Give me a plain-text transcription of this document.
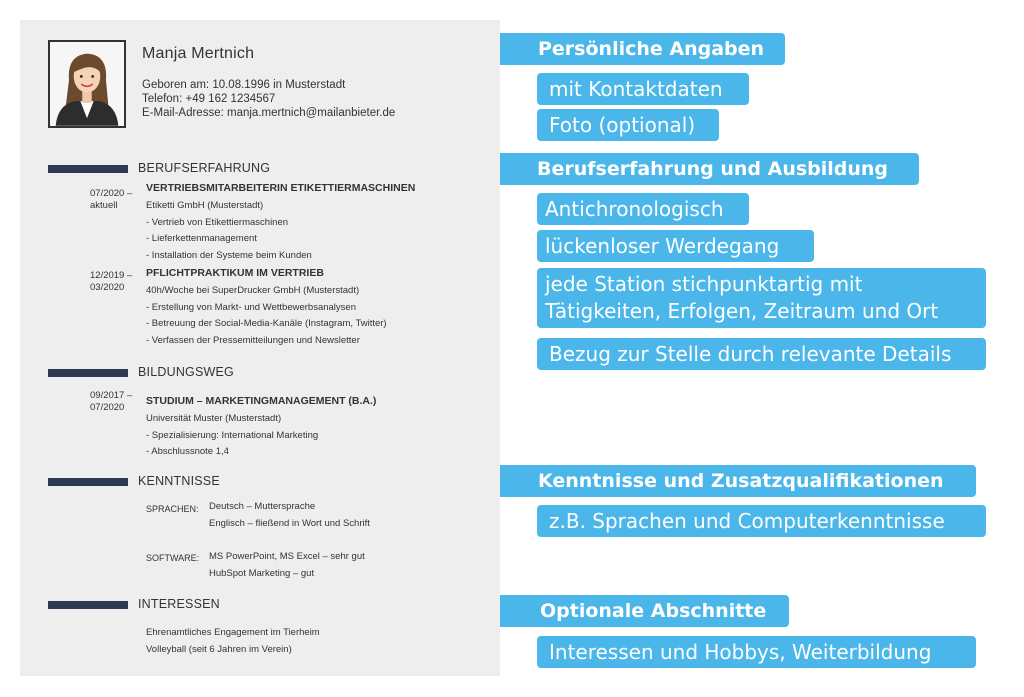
Manja Mertnich
Geboren am: 10.08.1996 in Musterstadt
Telefon: +49 162 1234567
E-Mail-Adresse: manja.mertnich@mailanbieter.de
BERUFSERFAHRUNG
07/2020 –
aktuell
VERTRIEBSMITARBEITERIN ETIKETTIERMASCHINEN
Etiketti GmbH (Musterstadt)
- Vertrieb von Etikettiermaschinen
- Lieferkettenmanagement
- Installation der Systeme beim Kunden
12/2019 –
03/2020
PFLICHTPRAKTIKUM IM VERTRIEB
40h/Woche bei SuperDrucker GmbH (Musterstadt)
- Erstellung von Markt- und Wettbewerbsanalysen
- Betreuung der Social-Media-Kanäle (Instagram, Twitter)
- Verfassen der Pressemitteilungen und Newsletter
BILDUNGSWEG
09/2017 –
07/2020
STUDIUM – MARKETINGMANAGEMENT (B.A.)
Universität Muster (Musterstadt)
- Spezialisierung: International Marketing
- Abschlussnote 1,4
KENNTNISSE
SPRACHEN: Deutsch – Muttersprache
Englisch – fließend in Wort und Schrift
SOFTWARE: MS PowerPoint, MS Excel – sehr gut
HubSpot Marketing – gut
INTERESSEN
Ehrenamtliches Engagement im Tierheim
Volleyball (seit 6 Jahren im Verein)
Persönliche Angaben
mit Kontaktdaten
Foto (optional)
Berufserfahrung und Ausbildung
Antichronologisch
lückenloser Werdegang
jede Station stichpunktartig mit
Tätigkeiten, Erfolgen, Zeitraum und Ort
Bezug zur Stelle durch relevante Details
Kenntnisse und Zusatzqualifikationen
z.B. Sprachen und Computerkenntnisse
Optionale Abschnitte
Interessen und Hobbys, Weiterbildung
